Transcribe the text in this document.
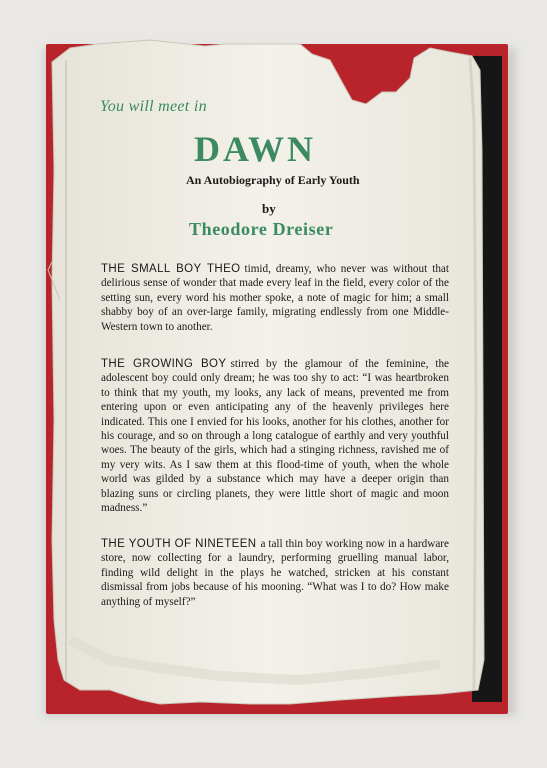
You will meet in
DAWN
An Autobiography of Early Youth
by
Theodore Dreiser
THE SMALL BOY THEO timid, dreamy, who never was without that delirious sense of wonder that made every leaf in the field, every color of the setting sun, every word his mother spoke, a note of magic for him; a small shabby boy of an over-large family, migrating endlessly from one Middle-Western town to another.
THE GROWING BOY stirred by the glamour of the feminine, the adolescent boy could only dream; he was too shy to act: “I was heartbroken to think that my youth, my looks, any lack of means, prevented me from entering upon or even anticipating any of the heavenly privileges here indicated. This one I envied for his looks, another for his clothes, another for his courage, and so on through a long catalogue of earthly and very youthful woes. The beauty of the girls, which had a stinging richness, ravished me of my very wits. As I saw them at this flood-time of youth, when the whole world was gilded by a substance which may have a deeper origin than blazing suns or circling planets, they were little short of magic and moon madness.”
THE YOUTH OF NINETEEN a tall thin boy working now in a hardware store, now collecting for a laundry, performing gruelling manual labor, finding wild delight in the plays he watched, stricken at his constant dismissal from jobs because of his mooning. “What was I to do? How make anything of myself?”
